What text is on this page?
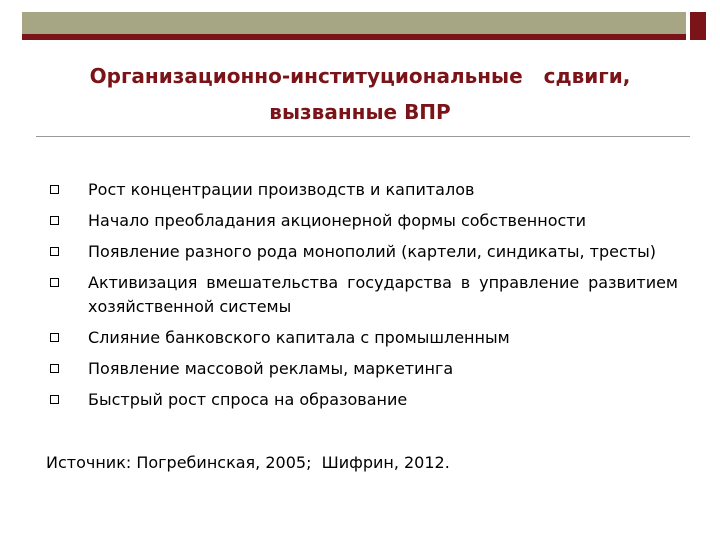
Организационно-институциональные   сдвиги,
вызванные ВПР
Рост концентрации производств и капиталов
Начало преобладания акционерной формы собственности
Появление разного рода монополий (картели, синдикаты, тресты)
Активизация вмешательства государства в управление развитием хозяйственной системы
Слияние банковского капитала с промышленным
Появление массовой рекламы, маркетинга
Быстрый рост спроса на образование
Источник: Погребинская, 2005;  Шифрин, 2012.
